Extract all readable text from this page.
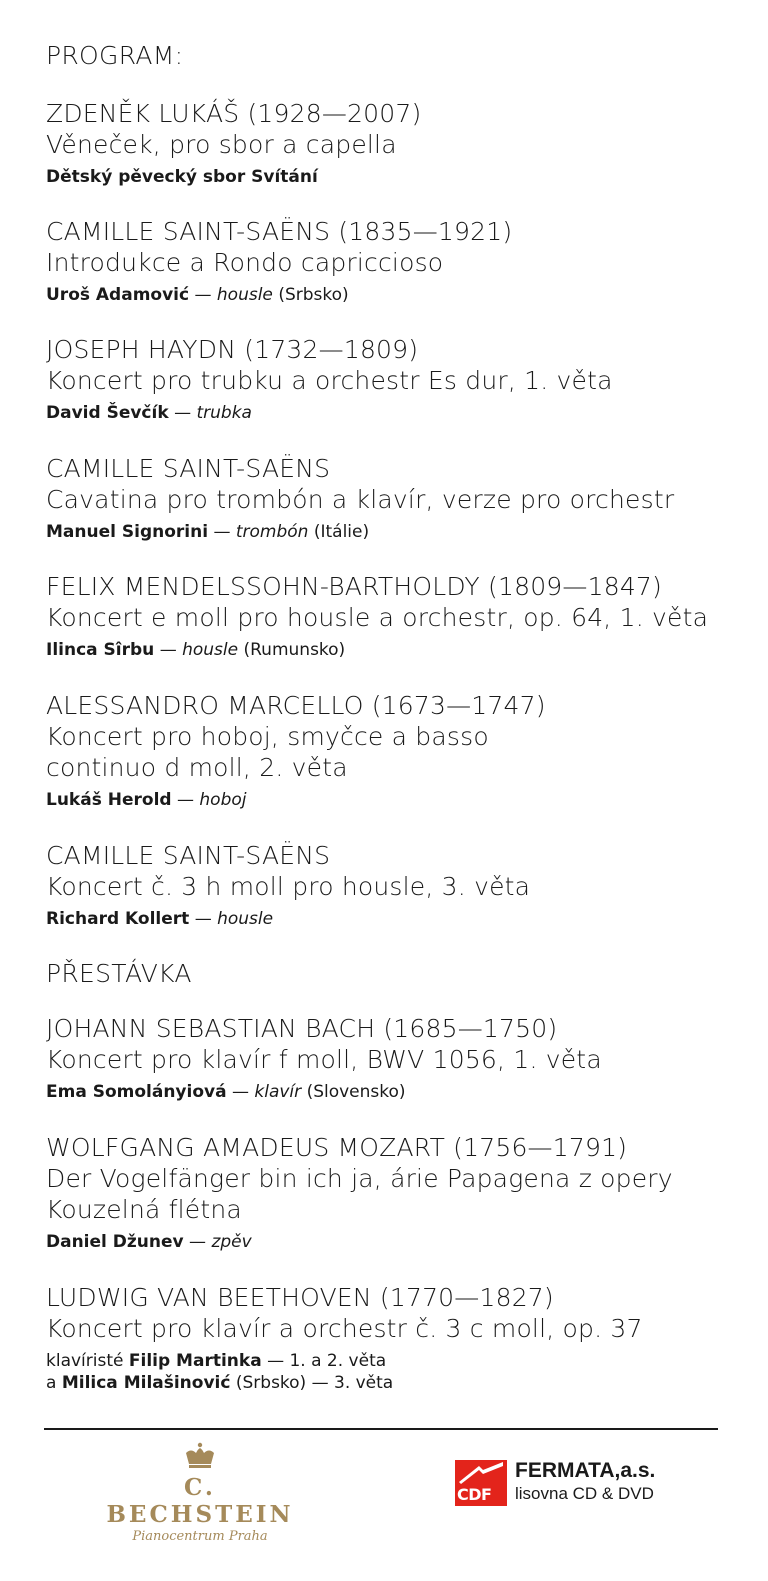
PROGRAM:
ZDENĚK LUKÁŠ (1928—2007)
Věneček, pro sbor a capella
Dětský pěvecký sbor Svítání
CAMILLE SAINT-SAËNS (1835—1921)
Introdukce a Rondo capriccioso
Uroš Adamović — housle (Srbsko)
JOSEPH HAYDN (1732—1809)
Koncert pro trubku a orchestr Es dur, 1. věta
David Ševčík — trubka
CAMILLE SAINT-SAËNS
Cavatina pro trombón a klavír, verze pro orchestr
Manuel Signorini — trombón (Itálie)
FELIX MENDELSSOHN-BARTHOLDY (1809—1847)
Koncert e moll pro housle a orchestr, op. 64, 1. věta
Ilinca Sîrbu — housle (Rumunsko)
ALESSANDRO MARCELLO (1673—1747)
Koncert pro hoboj, smyčce a basso
continuo d moll, 2. věta
Lukáš Herold — hoboj
CAMILLE SAINT-SAËNS
Koncert č. 3 h moll pro housle, 3. věta
Richard Kollert — housle
PŘESTÁVKA
JOHANN SEBASTIAN BACH (1685—1750)
Koncert pro klavír f moll, BWV 1056, 1. věta
Ema Somolányiová — klavír (Slovensko)
WOLFGANG AMADEUS MOZART (1756—1791)
Der Vogelfänger bin ich ja, árie Papagena z opery
Kouzelná flétna
Daniel Džunev — zpěv
LUDWIG VAN BEETHOVEN (1770—1827)
Koncert pro klavír a orchestr č. 3 c moll, op. 37
klavíristé Filip Martinka — 1. a 2. věta
a Milica Milašinović (Srbsko) — 3. věta
C. BECHSTEIN
Pianocentrum Praha
CDF
FERMATA,a.s.
lisovna CD & DVD
